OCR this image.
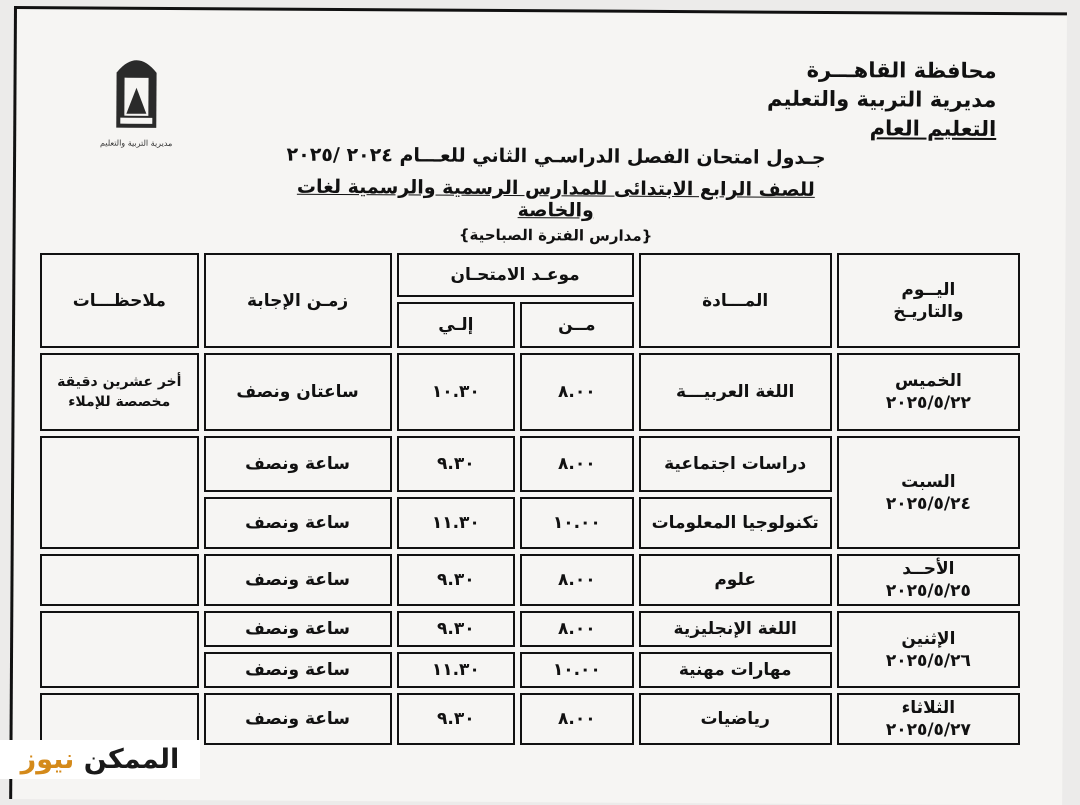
محافظة القاهـــرة
مديرية التربية والتعليم
التعليم العام
مديرية التربية والتعليم
جـدول امتحان الفصل الدراسـي الثاني للعـــام ٢٠٢٤ /٢٠٢٥
للصف الرابع الابتدائى للمدارس الرسمية والرسمية لغات والخاصة
{مدارس الفترة الصباحية}
اليــوم
والتاريـخ	المـــادة	موعـد الامتحـان		زمـن الإجابة	ملاحظـــات
		مــن	إلـي		

الخميس
٢٠٢٥/٥/٢٢	اللغة العربيـــة	٨.٠٠	١٠.٣٠	ساعتان ونصف	أخر عشرين دقيقة مخصصة للإملاء

السبت
٢٠٢٥/٥/٢٤	دراسات اجتماعية	٨.٠٠	٩.٣٠	ساعة ونصف	
	تكنولوجيا المعلومات	١٠.٠٠	١١.٣٠	ساعة ونصف	

الأحــد
٢٠٢٥/٥/٢٥	علوم	٨.٠٠	٩.٣٠	ساعة ونصف	

الإثنين
٢٠٢٥/٥/٢٦	اللغة الإنجليزية	٨.٠٠	٩.٣٠	ساعة ونصف	
	مهارات مهنية	١٠.٠٠	١١.٣٠	ساعة ونصف	

الثلاثاء
٢٠٢٥/٥/٢٧	رياضيات	٨.٠٠	٩.٣٠	ساعة ونصف	
الممكن نيوز
